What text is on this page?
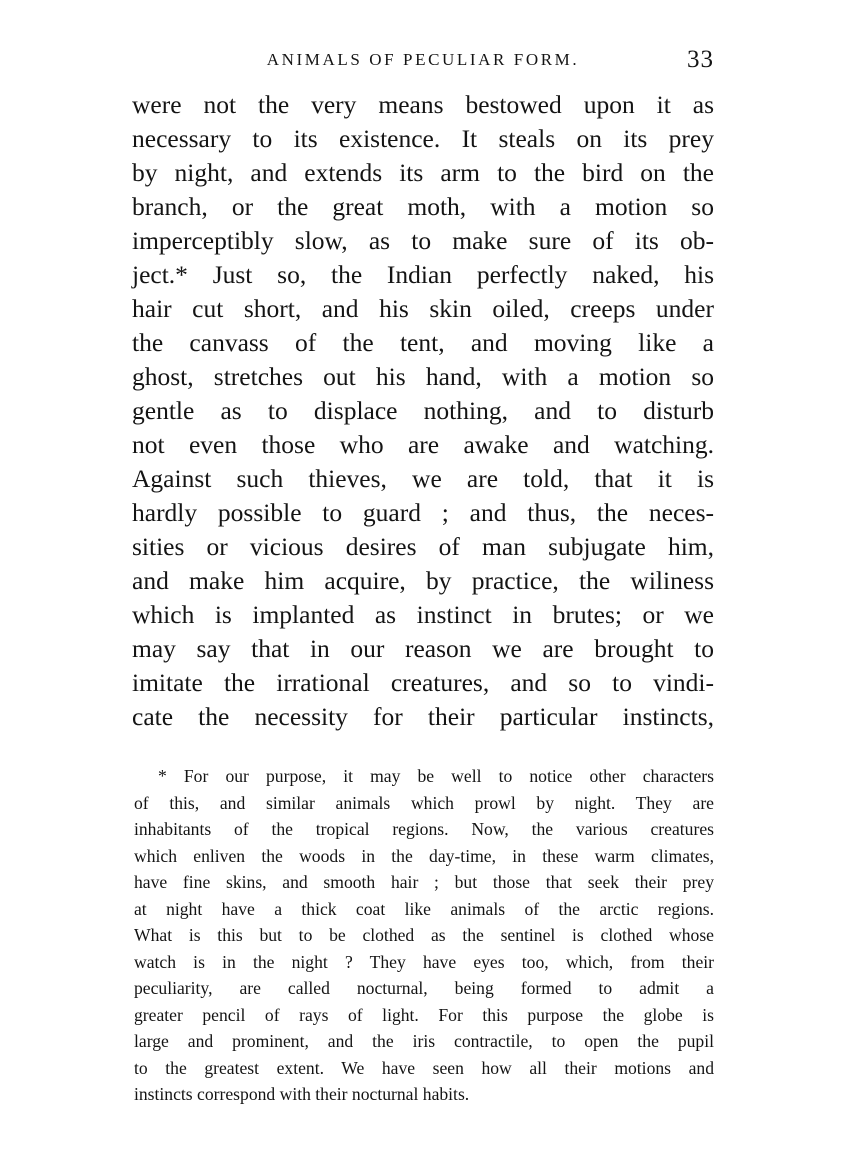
ANIMALS OF PECULIAR FORM.	33
were not the very means bestowed upon it as
necessary to its existence. It steals on its prey
by night, and extends its arm to the bird on the
branch, or the great moth, with a motion so
imperceptibly slow, as to make sure of its ob-
ject.* Just so, the Indian perfectly naked, his
hair cut short, and his skin oiled, creeps under
the canvass of the tent, and moving like a
ghost, stretches out his hand, with a motion so
gentle as to displace nothing, and to disturb
not even those who are awake and watching.
Against such thieves, we are told, that it is
hardly possible to guard ; and thus, the neces-
sities or vicious desires of man subjugate him,
and make him acquire, by practice, the wiliness
which is implanted as instinct in brutes; or we
may say that in our reason we are brought to
imitate the irrational creatures, and so to vindi-
cate the necessity for their particular instincts,
* For our purpose, it may be well to notice other characters
of this, and similar animals which prowl by night. They are
inhabitants of the tropical regions. Now, the various creatures
which enliven the woods in the day-time, in these warm climates,
have fine skins, and smooth hair ; but those that seek their prey
at night have a thick coat like animals of the arctic regions.
What is this but to be clothed as the sentinel is clothed whose
watch is in the night ? They have eyes too, which, from their
peculiarity, are called nocturnal, being formed to admit a
greater pencil of rays of light. For this purpose the globe is
large and prominent, and the iris contractile, to open the pupil
to the greatest extent. We have seen how all their motions and
instincts correspond with their nocturnal habits.
